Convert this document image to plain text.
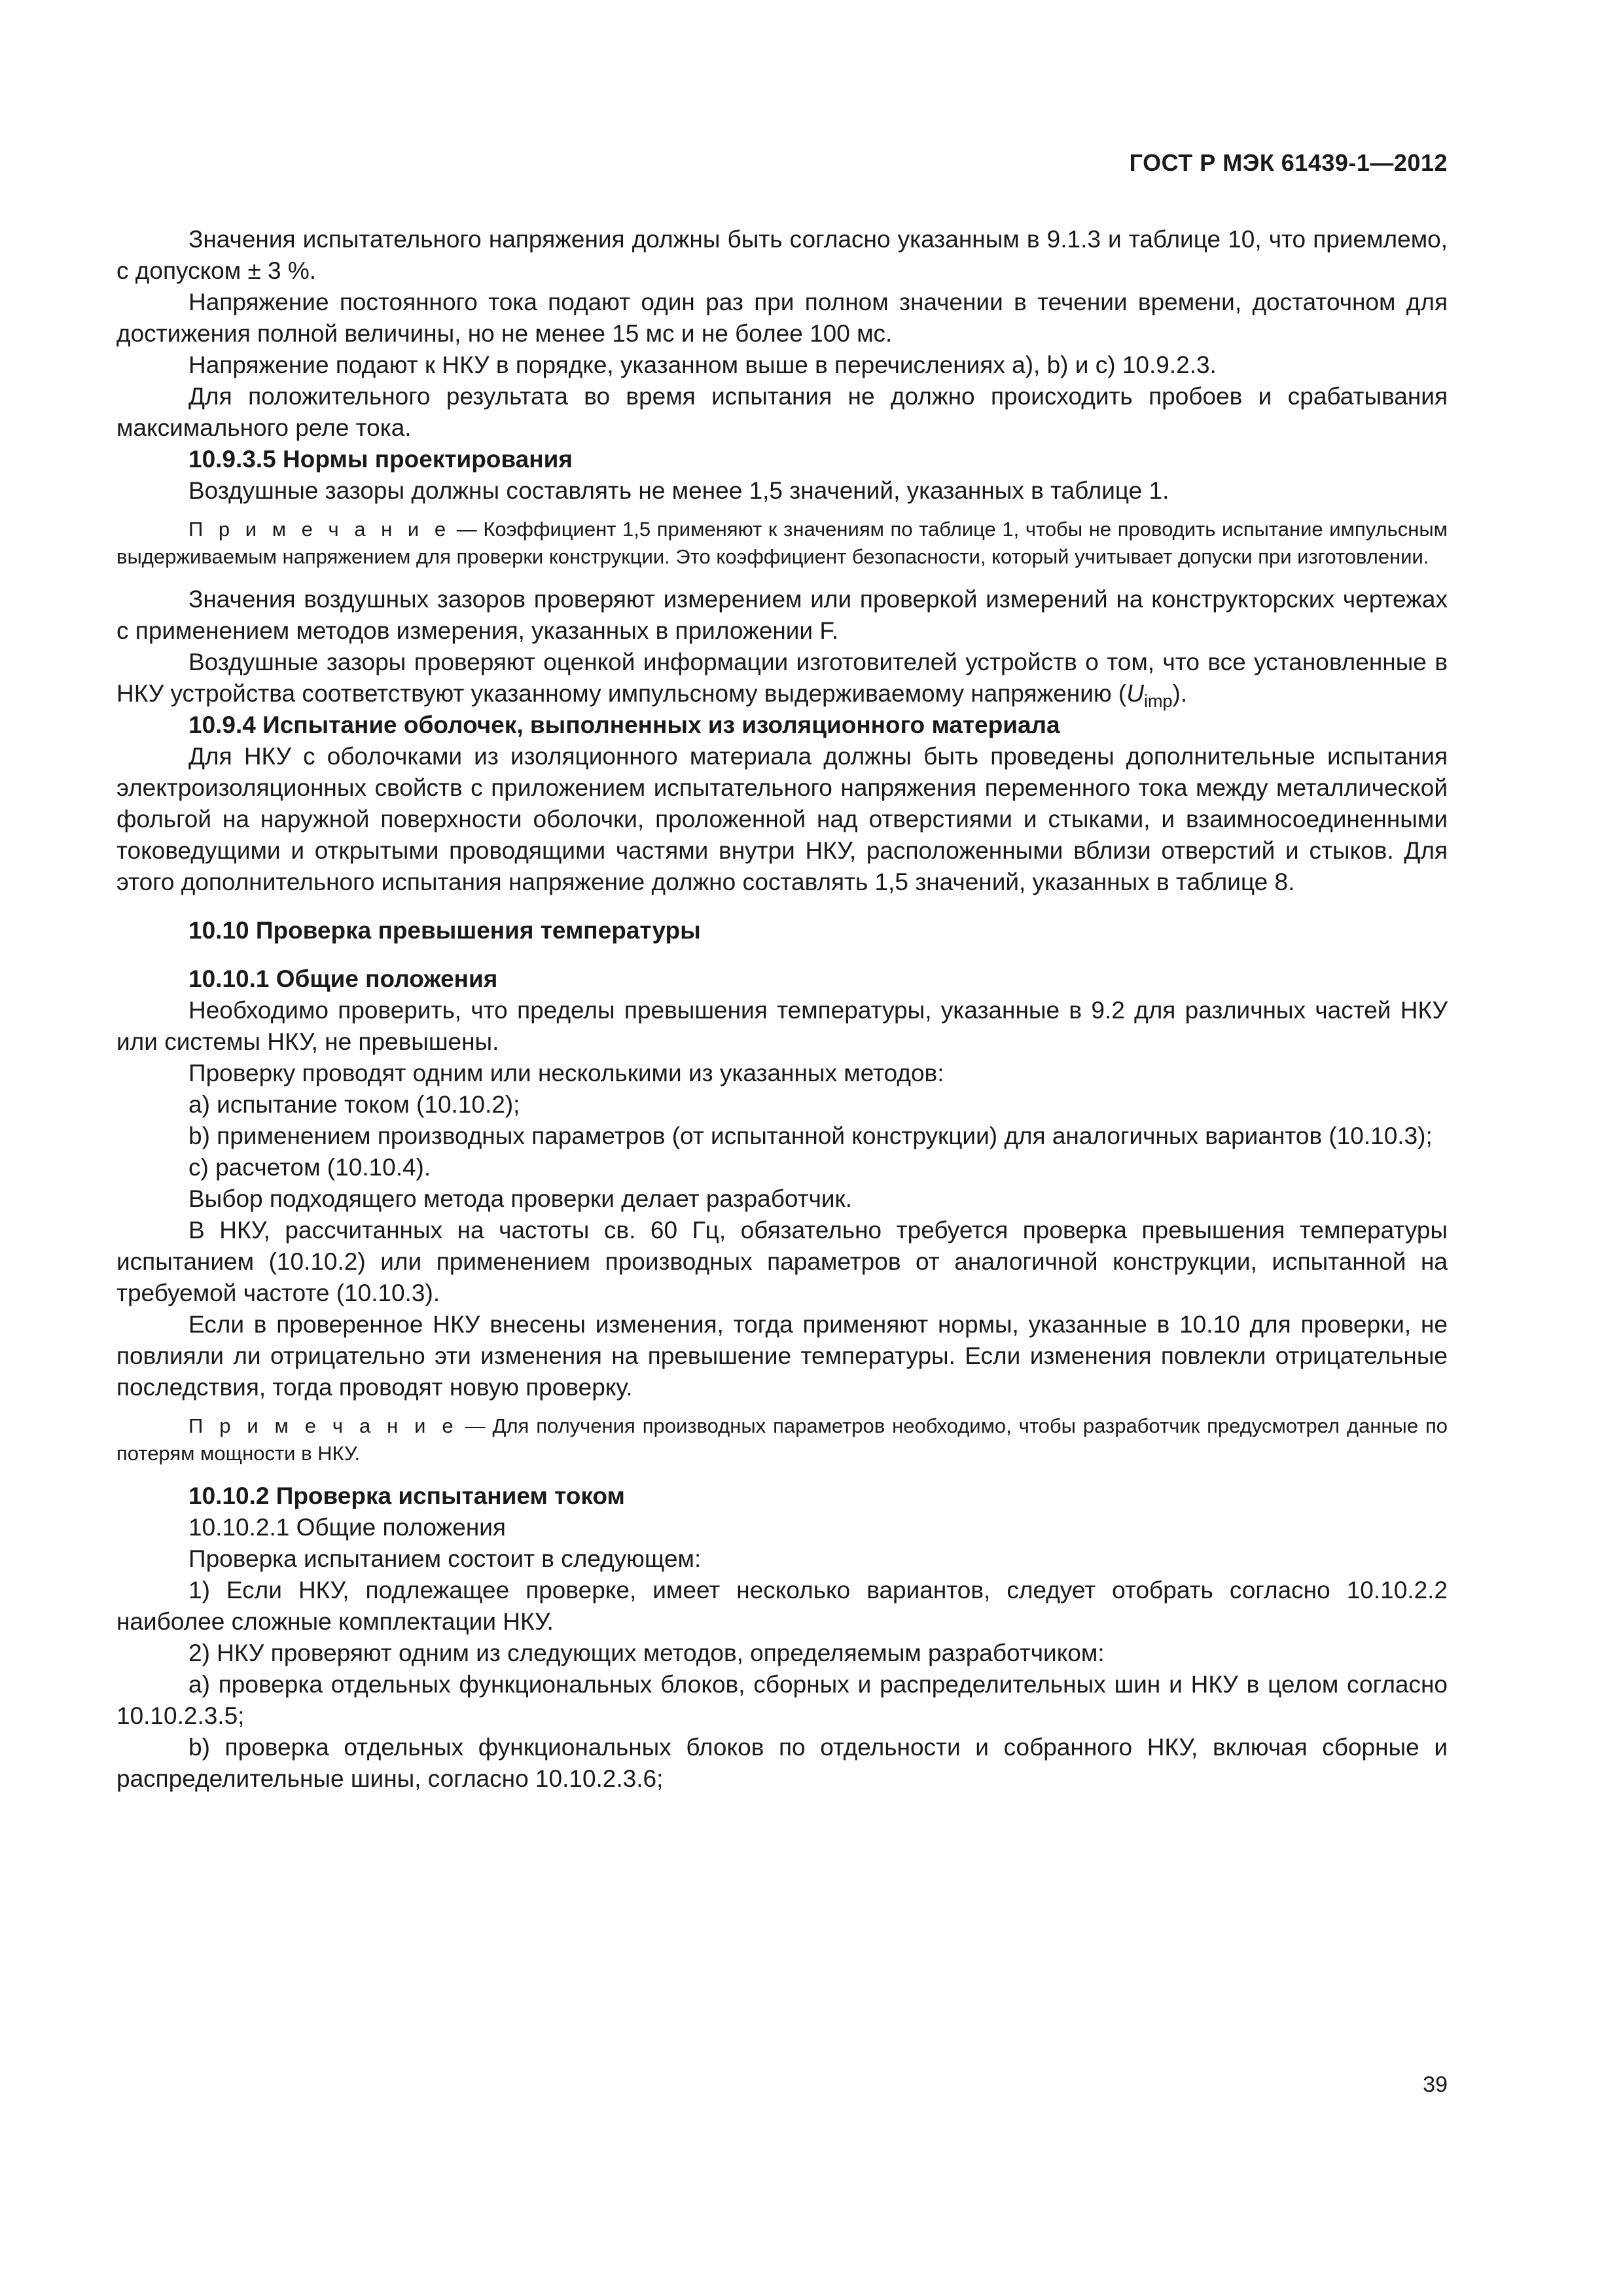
ГОСТ Р МЭК 61439-1—2012

Значения испытательного напряжения должны быть согласно указанным в 9.1.3 и таблице 10, что приемлемо, с допуском ± 3 %.

Напряжение постоянного тока подают один раз при полном значении в течении времени, достаточном для достижения полной величины, но не менее 15 мс и не более 100 мс.

Напряжение подают к НКУ в порядке, указанном выше в перечислениях а), b) и c) 10.9.2.3.

Для положительного результата во время испытания не должно происходить пробоев и срабатывания максимального реле тока.

10.9.3.5 Нормы проектирования

Воздушные зазоры должны составлять не менее 1,5 значений, указанных в таблице 1.

П р и м е ч а н и е — Коэффициент 1,5 применяют к значениям по таблице 1, чтобы не проводить испытание импульсным выдерживаемым напряжением для проверки конструкции. Это коэффициент безопасности, который учитывает допуски при изготовлении.

Значения воздушных зазоров проверяют измерением или проверкой измерений на конструкторских чертежах с применением методов измерения, указанных в приложении F.

Воздушные зазоры проверяют оценкой информации изготовителей устройств о том, что все установленные в НКУ устройства соответствуют указанному импульсному выдерживаемому напряжению $(U_{imp})$.

10.9.4 Испытание оболочек, выполненных из изоляционного материала

Для НКУ с оболочками из изоляционного материала должны быть проведены дополнительные испытания электроизоляционных свойств с приложением испытательного напряжения переменного тока между металлической фольгой на наружной поверхности оболочки, проложенной над отверстиями и стыками, и взаимносоединенными токоведущими и открытыми проводящими частями внутри НКУ, расположенными вблизи отверстий и стыков. Для этого дополнительного испытания напряжение должно составлять 1,5 значений, указанных в таблице 8.

10.10 Проверка превышения температуры

10.10.1 Общие положения

Необходимо проверить, что пределы превышения температуры, указанные в 9.2 для различных частей НКУ или системы НКУ, не превышены.

Проверку проводят одним или несколькими из указанных методов:

а) испытание током (10.10.2);

b) применением производных параметров (от испытанной конструкции) для аналогичных вариантов (10.10.3);

c) расчетом (10.10.4).

Выбор подходящего метода проверки делает разработчик.

В НКУ, рассчитанных на частоты св. 60 Гц, обязательно требуется проверка превышения температуры испытанием (10.10.2) или применением производных параметров от аналогичной конструкции, испытанной на требуемой частоте (10.10.3).

Если в проверенное НКУ внесены изменения, тогда применяют нормы, указанные в 10.10 для проверки, не повлияли ли отрицательно эти изменения на превышение температуры. Если изменения повлекли отрицательные последствия, тогда проводят новую проверку.

П р и м е ч а н и е — Для получения производных параметров необходимо, чтобы разработчик предусмотрел данные по потерям мощности в НКУ.

10.10.2 Проверка испытанием током

10.10.2.1 Общие положения

Проверка испытанием состоит в следующем:

1) Если НКУ, подлежащее проверке, имеет несколько вариантов, следует отобрать согласно 10.10.2.2 наиболее сложные комплектации НКУ.

2) НКУ проверяют одним из следующих методов, определяемым разработчиком:

a) проверка отдельных функциональных блоков, сборных и распределительных шин и НКУ в целом согласно 10.10.2.3.5;

b) проверка отдельных функциональных блоков по отдельности и собранного НКУ, включая сборные и распределительные шины, согласно 10.10.2.3.6;

39
